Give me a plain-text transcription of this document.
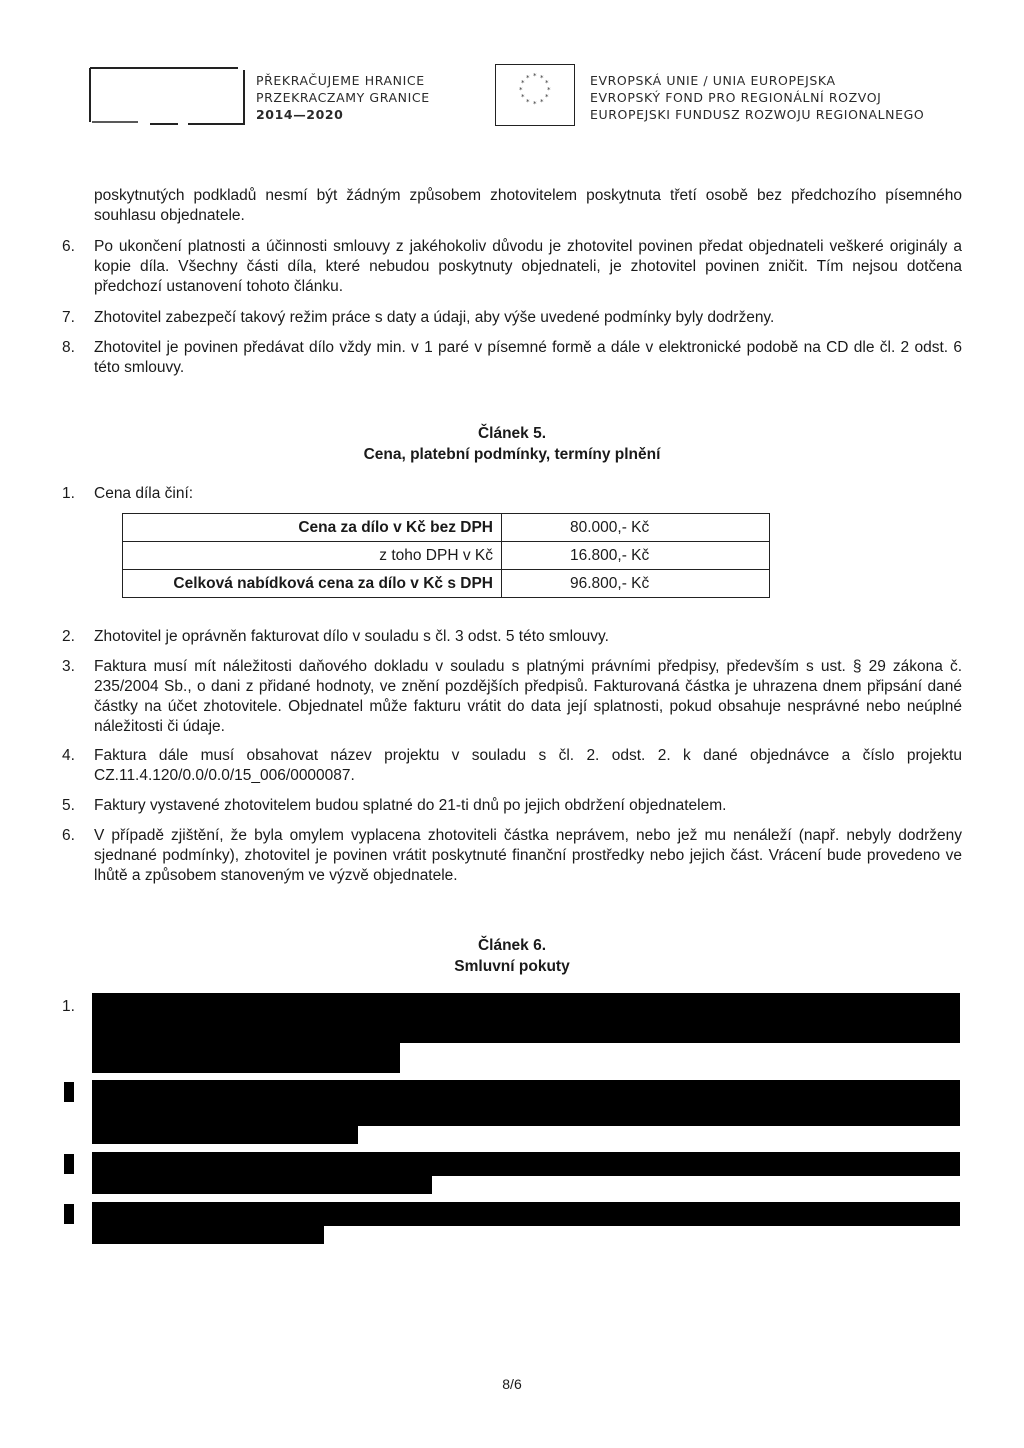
PŘEKRAČUJEME HRANICE
PRZEKRACZAMY GRANICE
2014—2020
* *
*
*
*
*
*
*
*
*
*
*	EVROPSKÁ UNIE / UNIA EUROPEJSKA
EVROPSKÝ FOND PRO REGIONÁLNÍ ROZVOJ
EUROPEJSKI FUNDUSZ ROZWOJU REGIONALNEGO
poskytnutých podkladů nesmí být žádným způsobem zhotovitelem poskytnuta třetí osobě bez předchozího písemného souhlasu objednatele.
6. Po ukončení platnosti a účinnosti smlouvy z jakéhokoliv důvodu je zhotovitel povinen předat objednateli veškeré originály a kopie díla. Všechny části díla, které nebudou poskytnuty objednateli, je zhotovitel povinen zničit. Tím nejsou dotčena předchozí ustanovení tohoto článku.
7. Zhotovitel zabezpečí takový režim práce s daty a údaji, aby výše uvedené podmínky byly dodrženy.
8. Zhotovitel je povinen předávat dílo vždy min. v 1 paré v písemné formě a dále v elektronické podobě na CD dle čl. 2 odst. 6 této smlouvy.
Článek 5.
Cena, platební podmínky, termíny plnění
1. Cena díla činí:
Cena za dílo v Kč bez DPH	80.000,- Kč
z toho DPH v Kč	16.800,- Kč
Celková nabídková cena za dílo v Kč s DPH	96.800,- Kč
2. Zhotovitel je oprávněn fakturovat dílo v souladu s čl. 3 odst. 5 této smlouvy.
3. Faktura musí mít náležitosti daňového dokladu v souladu s platnými právními předpisy, především s ust. § 29 zákona č. 235/2004 Sb., o dani z přidané hodnoty, ve znění pozdějších předpisů. Fakturovaná částka je uhrazena dnem připsání dané částky na účet zhotovitele. Objednatel může fakturu vrátit do data její splatnosti, pokud obsahuje nesprávné nebo neúplné náležitosti či údaje.
4. Faktura dále musí obsahovat název projektu v souladu s čl. 2. odst. 2. k dané objednávce a číslo projektu CZ.11.4.120/0.0/0.0/15_006/0000087.
5. Faktury vystavené zhotovitelem budou splatné do 21-ti dnů po jejich obdržení objednatelem.
6. V případě zjištění, že byla omylem vyplacena zhotoviteli částka neprávem, nebo jež mu nenáleží (např. nebyly dodrženy sjednané podmínky), zhotovitel je povinen vrátit poskytnuté finanční prostředky nebo jejich část. Vrácení bude provedeno ve lhůtě a způsobem stanoveným ve výzvě objednatele.
Článek 6.
Smluvní pokuty
1.
8/6
